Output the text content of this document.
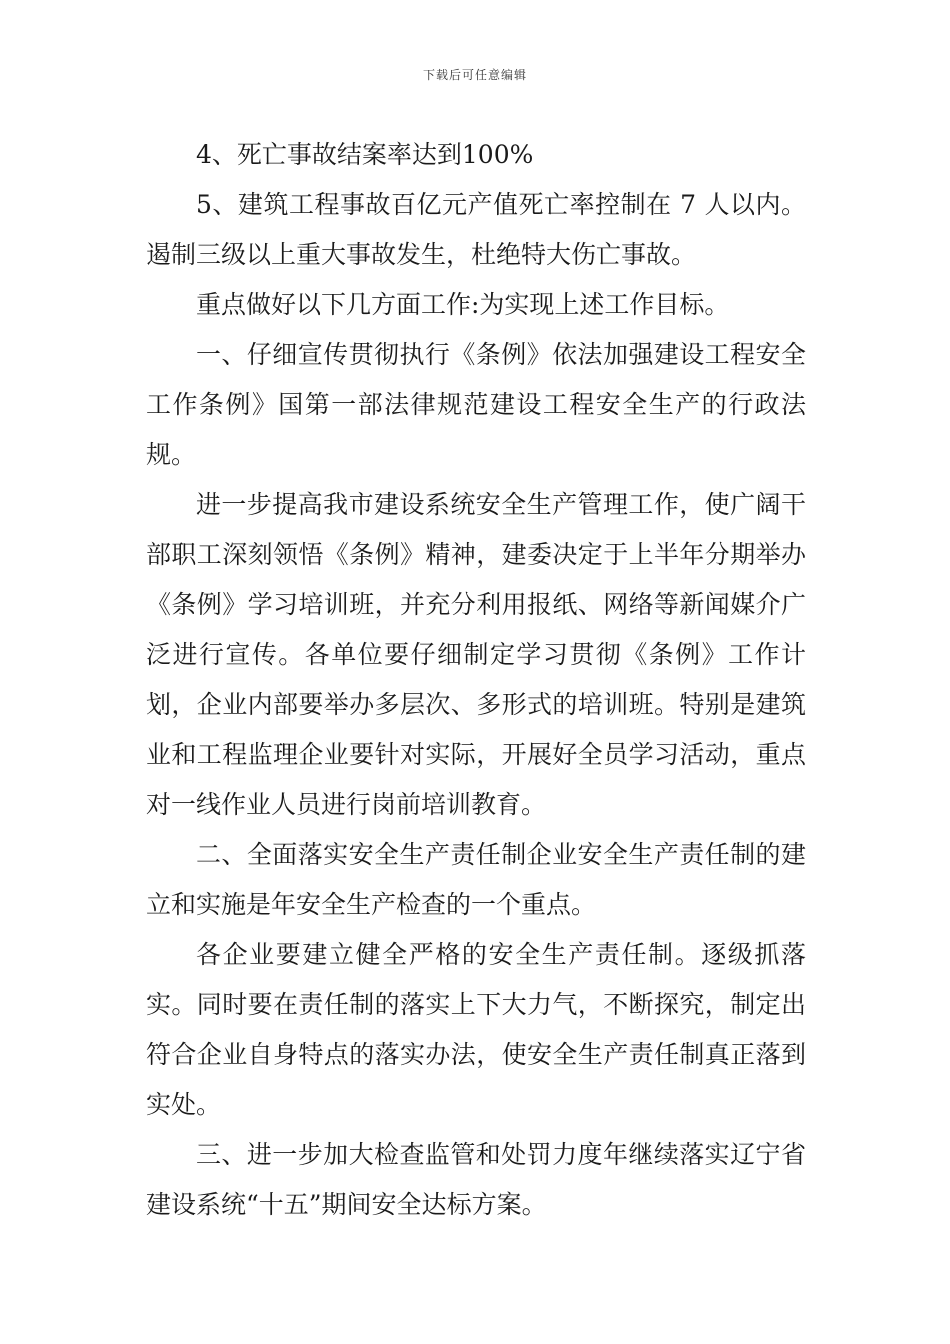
下载后可任意编辑

4、死亡事故结案率达到100%

5、建筑工程事故百亿元产值死亡率控制在 7 人以内。遏制三级以上重大事故发生，杜绝特大伤亡事故。

重点做好以下几方面工作:为实现上述工作目标。

一、仔细宣传贯彻执行《条例》依法加强建设工程安全工作条例》国第一部法律规范建设工程安全生产的行政法规。

进一步提高我市建设系统安全生产管理工作，使广阔干部职工深刻领悟《条例》精神，建委决定于上半年分期举办《条例》学习培训班，并充分利用报纸、网络等新闻媒介广泛进行宣传。各单位要仔细制定学习贯彻《条例》工作计划，企业内部要举办多层次、多形式的培训班。特别是建筑业和工程监理企业要针对实际，开展好全员学习活动，重点对一线作业人员进行岗前培训教育。

二、全面落实安全生产责任制企业安全生产责任制的建立和实施是年安全生产检查的一个重点。

各企业要建立健全严格的安全生产责任制。逐级抓落实。同时要在责任制的落实上下大力气，不断探究，制定出符合企业自身特点的落实办法，使安全生产责任制真正落到实处。

三、进一步加大检查监管和处罚力度年继续落实辽宁省建设系统“十五”期间安全达标方案。
